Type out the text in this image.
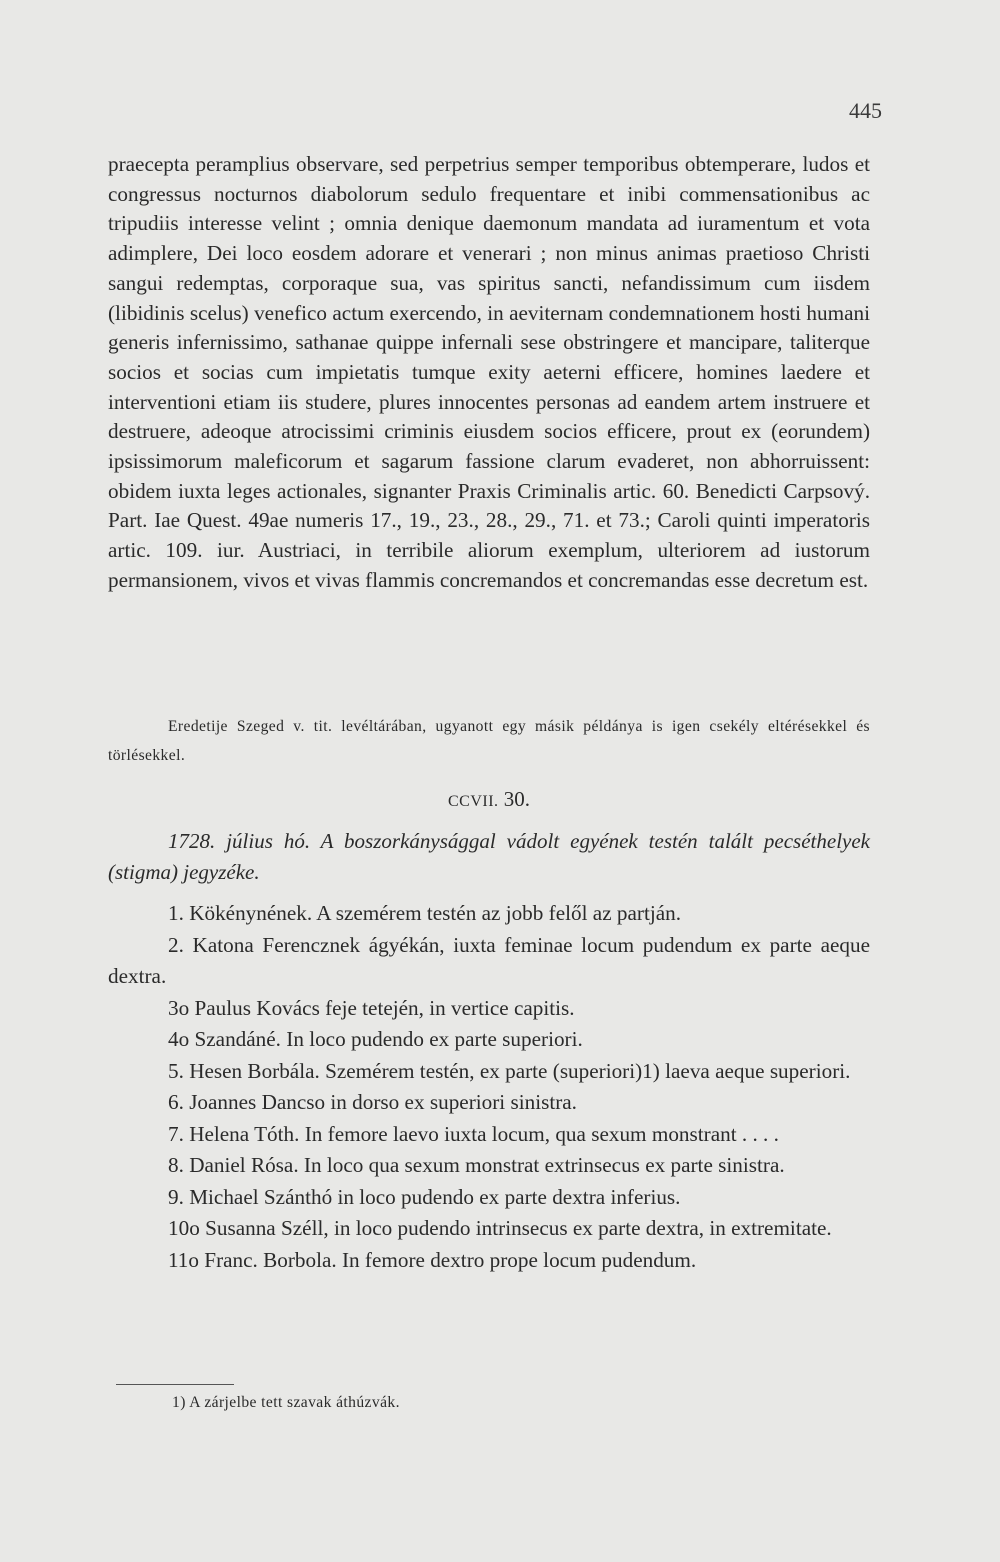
445
praecepta peramplius observare, sed perpetrius semper temporibus obtemperare, ludos et congressus nocturnos diabolorum sedulo frequentare et inibi commensationibus ac tripudiis interesse velint ; omnia denique daemonum mandata ad iuramentum et vota adimplere, Dei loco eosdem adorare et venerari ; non minus animas praetioso Christi sangui redemptas, corporaque sua, vas spiritus sancti, nefandissimum cum iisdem (libidinis scelus) venefico actum exercendo, in aeviternam condemnationem hosti humani generis infernissimo, sathanae quippe infernali sese obstringere et mancipare, taliterque socios et socias cum impietatis tumque exity aeterni efficere, homines laedere et interventioni etiam iis studere, plures innocentes personas ad eandem artem instruere et destruere, adeoque atrocissimi criminis eiusdem socios efficere, prout ex (eorundem) ipsissimorum maleficorum et sagarum fassione clarum evaderet, non abhorruissent: obidem iuxta leges actionales, signanter Praxis Criminalis artic. 60. Benedicti Carpsový. Part. Iae Quest. 49ae numeris 17., 19., 23., 28., 29., 71. et 73.; Caroli quinti imperatoris artic. 109. iur. Austriaci, in terribile aliorum exemplum, ulteriorem ad iustorum permansionem, vivos et vivas flammis concremandos et concremandas esse decretum est.
Eredetije Szeged v. tit. levéltárában, ugyanott egy másik példánya is igen csekély eltérésekkel és törlésekkel.
CCVII. 30.
1728. július hó. A boszorkánysággal vádolt egyének testén talált pecséthelyek (stigma) jegyzéke.
1. Kökénynének. A szemérem testén az jobb felől az partján.
2. Katona Ferencznek ágyékán, iuxta feminae locum pudendum ex parte aeque dextra.
3o Paulus Kovács feje tetején, in vertice capitis.
4o Szandáné. In loco pudendo ex parte superiori.
5. Hesen Borbála. Szemérem testén, ex parte (superiori)1) laeva aeque superiori.
6. Joannes Dancso in dorso ex superiori sinistra.
7. Helena Tóth. In femore laevo iuxta locum, qua sexum monstrant . . . .
8. Daniel Rósa. In loco qua sexum monstrat extrinsecus ex parte sinistra.
9. Michael Szánthó in loco pudendo ex parte dextra inferius.
10o Susanna Széll, in loco pudendo intrinsecus ex parte dextra, in extremitate.
11o Franc. Borbola. In femore dextro prope locum pudendum.
1) A zárjelbe tett szavak áthúzvák.
